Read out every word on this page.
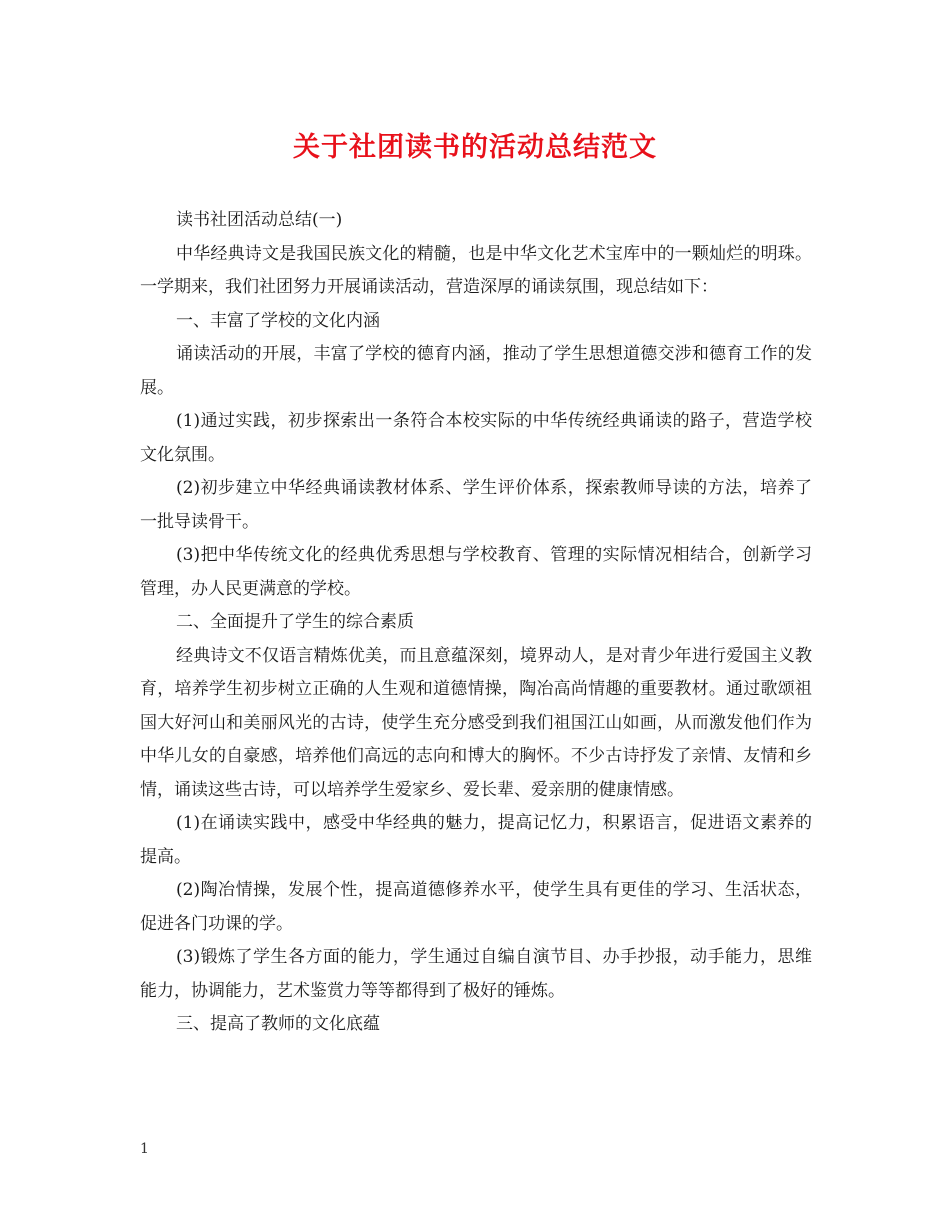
关于社团读书的活动总结范文

读书社团活动总结(一)

中华经典诗文是我国民族文化的精髓，也是中华文化艺术宝库中的一颗灿烂的明珠。一学期来，我们社团努力开展诵读活动，营造深厚的诵读氛围，现总结如下：

一、丰富了学校的文化内涵

诵读活动的开展，丰富了学校的德育内涵，推动了学生思想道德交涉和德育工作的发展。

(1)通过实践，初步探索出一条符合本校实际的中华传统经典诵读的路子，营造学校文化氛围。

(2)初步建立中华经典诵读教材体系、学生评价体系，探索教师导读的方法，培养了一批导读骨干。

(3)把中华传统文化的经典优秀思想与学校教育、管理的实际情况相结合，创新学习管理，办人民更满意的学校。

二、全面提升了学生的综合素质

经典诗文不仅语言精炼优美，而且意蕴深刻，境界动人，是对青少年进行爱国主义教育，培养学生初步树立正确的人生观和道德情操，陶冶高尚情趣的重要教材。通过歌颂祖国大好河山和美丽风光的古诗，使学生充分感受到我们祖国江山如画，从而激发他们作为中华儿女的自豪感，培养他们高远的志向和博大的胸怀。不少古诗抒发了亲情、友情和乡情，诵读这些古诗，可以培养学生爱家乡、爱长辈、爱亲朋的健康情感。

(1)在诵读实践中，感受中华经典的魅力，提高记忆力，积累语言，促进语文素养的提高。

(2)陶冶情操，发展个性，提高道德修养水平，使学生具有更佳的学习、生活状态，促进各门功课的学。

(3)锻炼了学生各方面的能力，学生通过自编自演节目、办手抄报，动手能力，思维能力，协调能力，艺术鉴赏力等等都得到了极好的锤炼。

三、提高了教师的文化底蕴

1
